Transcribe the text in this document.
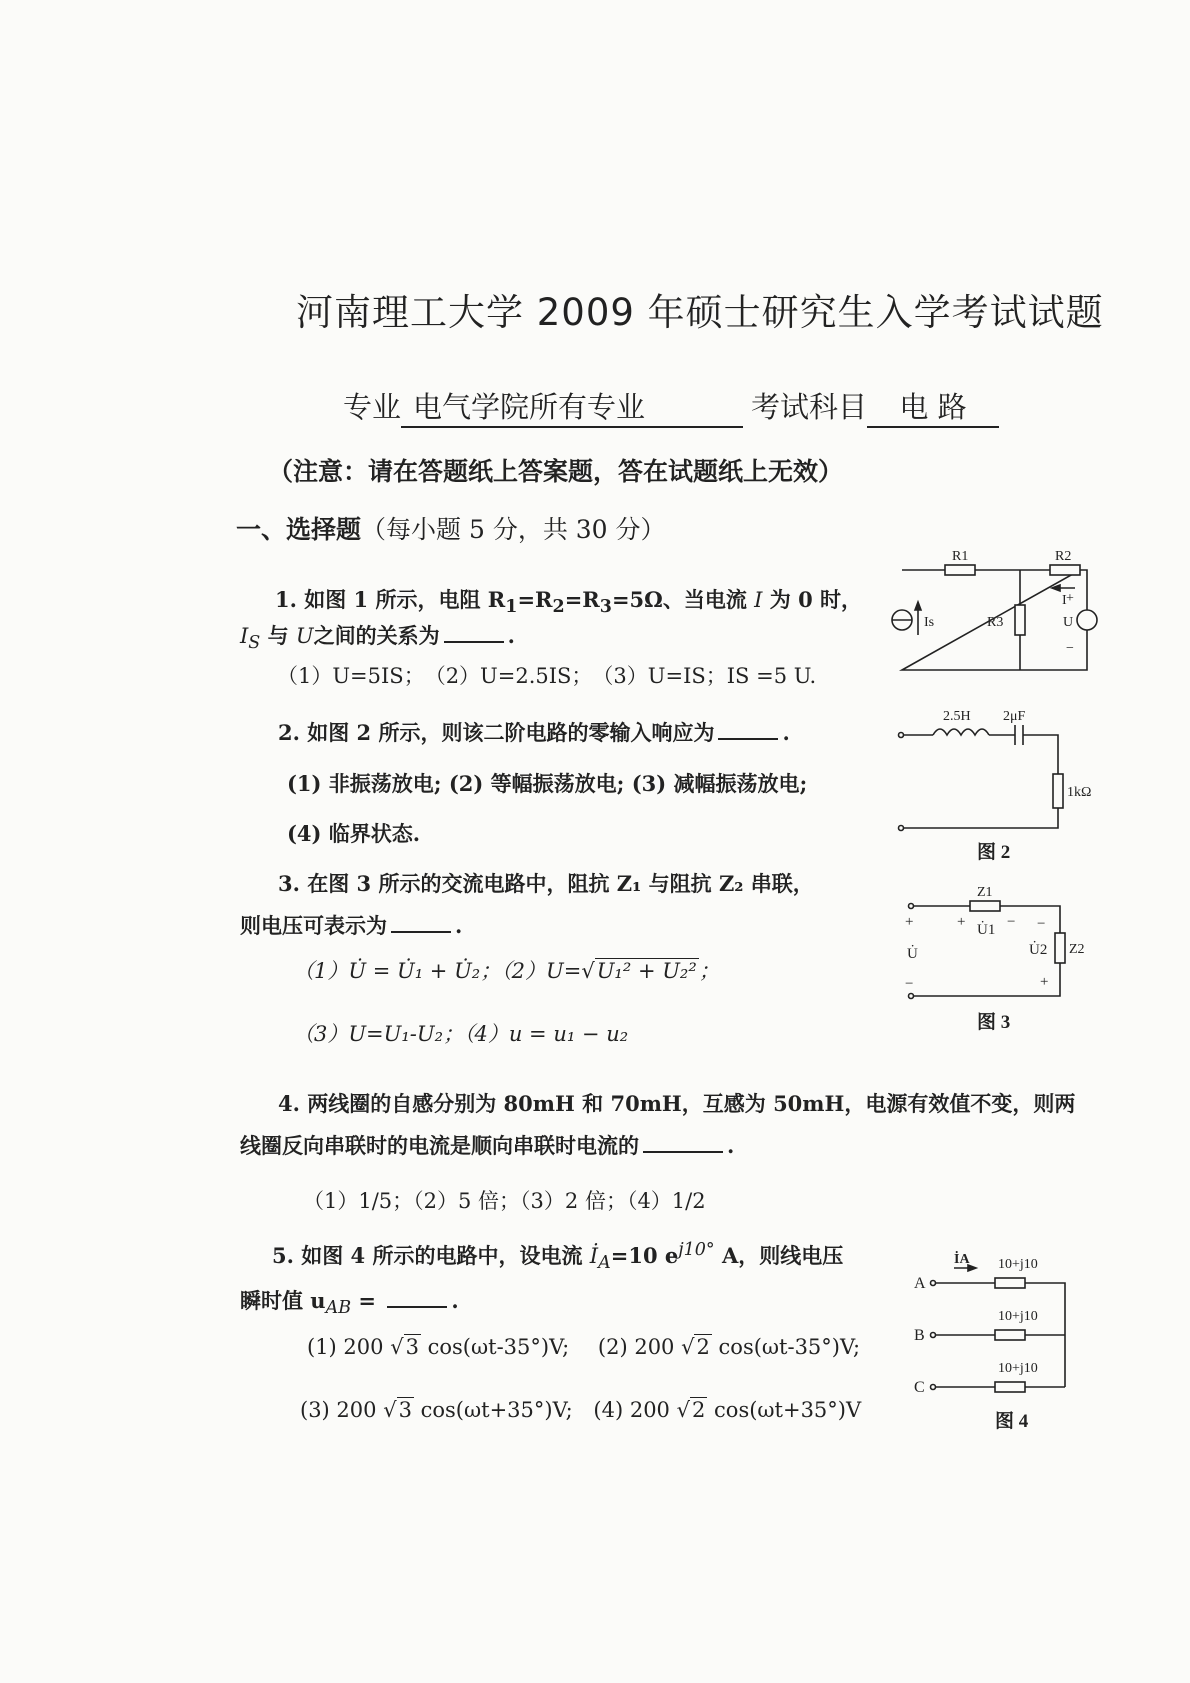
河南理工大学 2009 年硕士研究生入学考试试题
专业 电气学院所有专业	考试科目 电 路
（注意：请在答题纸上答案题，答在试题纸上无效）
一、选择题（每小题 5 分，共 30 分）
1. 如图 1 所示，电阻 $R_1=R_2=R_3=5\Omega$、当电流 I 为 0 时，
$I_S$ 与 U之间的关系为	.
（1）U=5IS；　（2）U=2.5IS；　（3）U=IS；IS =5 U.
2. 如图 2 所示，则该二阶电路的零输入响应为	.
(1) 非振荡放电; (2) 等幅振荡放电; (3) 减幅振荡放电;
(4) 临界状态.
3. 在图 3 所示的交流电路中，阻抗 Z₁ 与阻抗 Z₂ 串联，
则电压可表示为	.
（1）U̇ = U̇₁ + U̇₂；（2）U=√U₁² + U₂²；
（3）U=U₁-U₂；（4）u = u₁ − u₂
4. 两线圈的自感分别为 80mH 和 70mH，互感为 50mH，电源有效值不变，则两
线圈反向串联时的电流是顺向串联时电流的	.
（1）1/5；（2）5 倍；（3）2 倍；（4）1/2
5. 如图 4 所示的电路中，设电流 $İ_A=10$ $e^{j10^\circ}$ A，则线电压
瞬时值 $u_{AB}$ =	.
(1) 200 √3 cos(ωt-35°)V; (2) 200 √2 cos(ωt-35°)V;
(3) 200 √3 cos(ωt+35°)V; (4) 200 √2 cos(ωt+35°)V
R1	R2
R3
Is
I
U
+
−
2.5H 2μF
1kΩ
图 2
Z1
Z2
+
−
U̇
+ U̇1 − −
U̇2
+
图 3
İA 10+j10
10+j10
10+j10
A
B
C
图 4
